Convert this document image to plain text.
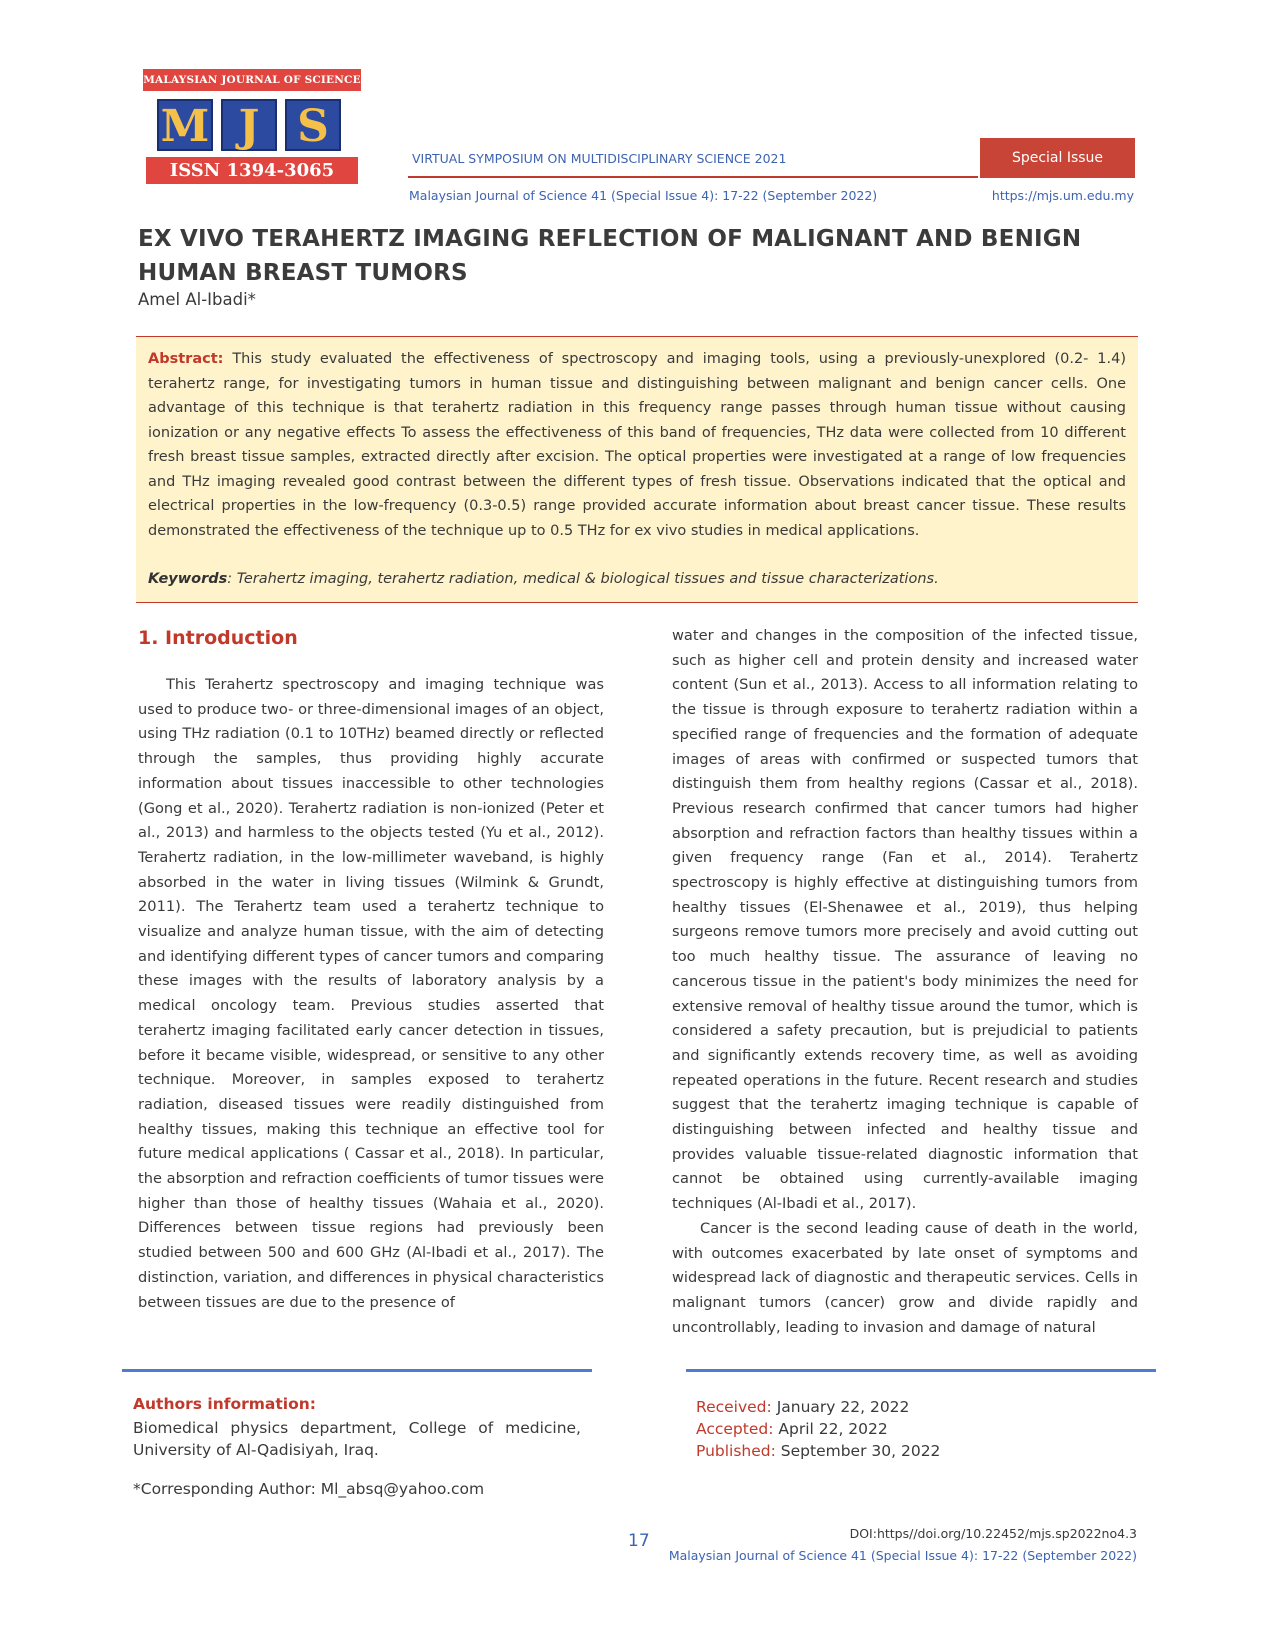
MALAYSIAN JOURNAL OF SCIENCE
M J S
ISSN 1394-3065
VIRTUAL SYMPOSIUM ON MULTIDISCIPLINARY SCIENCE 2021	Special Issue
Malaysian Journal of Science 41 (Special Issue 4): 17-22 (September 2022)	https://mjs.um.edu.my
EX VIVO TERAHERTZ IMAGING REFLECTION OF MALIGNANT AND BENIGN HUMAN BREAST TUMORS
Amel Al-Ibadi*
Abstract: This study evaluated the effectiveness of spectroscopy and imaging tools, using a previously-unexplored (0.2- 1.4) terahertz range, for investigating tumors in human tissue and distinguishing between malignant and benign cancer cells. One advantage of this technique is that terahertz radiation in this frequency range passes through human tissue without causing ionization or any negative effects To assess the effectiveness of this band of frequencies, THz data were collected from 10 different fresh breast tissue samples, extracted directly after excision. The optical properties were investigated at a range of low frequencies and THz imaging revealed good contrast between the different types of fresh tissue. Observations indicated that the optical and electrical properties in the low-frequency (0.3-0.5) range provided accurate information about breast cancer tissue. These results demonstrated the effectiveness of the technique up to 0.5 THz for ex vivo studies in medical applications.
Keywords: Terahertz imaging, terahertz radiation, medical & biological tissues and tissue characterizations.
1. Introduction

This Terahertz spectroscopy and imaging technique was used to produce two- or three-dimensional images of an object, using THz radiation (0.1 to 10THz) beamed directly or reflected through the samples, thus providing highly accurate information about tissues inaccessible to other technologies (Gong et al., 2020). Terahertz radiation is non-ionized (Peter et al., 2013) and harmless to the objects tested (Yu et al., 2012). Terahertz radiation, in the low-millimeter waveband, is highly absorbed in the water in living tissues (Wilmink & Grundt, 2011). The Terahertz team used a terahertz technique to visualize and analyze human tissue, with the aim of detecting and identifying different types of cancer tumors and comparing these images with the results of laboratory analysis by a medical oncology team. Previous studies asserted that terahertz imaging facilitated early cancer detection in tissues, before it became visible, widespread, or sensitive to any other technique. Moreover, in samples exposed to terahertz radiation, diseased tissues were readily distinguished from healthy tissues, making this technique an effective tool for future medical applications ( Cassar et al., 2018). In particular, the absorption and refraction coefficients of tumor tissues were higher than those of healthy tissues (Wahaia et al., 2020). Differences between tissue regions had previously been studied between 500 and 600 GHz (Al-Ibadi et al., 2017). The distinction, variation, and differences in physical characteristics between tissues are due to the presence of

water and changes in the composition of the infected tissue, such as higher cell and protein density and increased water content (Sun et al., 2013). Access to all information relating to the tissue is through exposure to terahertz radiation within a specified range of frequencies and the formation of adequate images of areas with confirmed or suspected tumors that distinguish them from healthy regions (Cassar et al., 2018). Previous research confirmed that cancer tumors had higher absorption and refraction factors than healthy tissues within a given frequency range (Fan et al., 2014). Terahertz spectroscopy is highly effective at distinguishing tumors from healthy tissues (El-Shenawee et al., 2019), thus helping surgeons remove tumors more precisely and avoid cutting out too much healthy tissue. The assurance of leaving no cancerous tissue in the patient's body minimizes the need for extensive removal of healthy tissue around the tumor, which is considered a safety precaution, but is prejudicial to patients and significantly extends recovery time, as well as avoiding repeated operations in the future. Recent research and studies suggest that the terahertz imaging technique is capable of distinguishing between infected and healthy tissue and provides valuable tissue-related diagnostic information that cannot be obtained using currently-available imaging techniques (Al-Ibadi et al., 2017).

Cancer is the second leading cause of death in the world, with outcomes exacerbated by late onset of symptoms and widespread lack of diagnostic and therapeutic services. Cells in malignant tumors (cancer) grow and divide rapidly and uncontrollably, leading to invasion and damage of natural

Authors information:
Biomedical physics department, College of medicine, University of Al-Qadisiyah, Iraq.
*Corresponding Author: Ml_absq@yahoo.com
Received: January 22, 2022
Accepted: April 22, 2022
Published: September 30, 2022
17	DOI:https//doi.org/10.22452/mjs.sp2022no4.3
Malaysian Journal of Science 41 (Special Issue 4): 17-22 (September 2022)
